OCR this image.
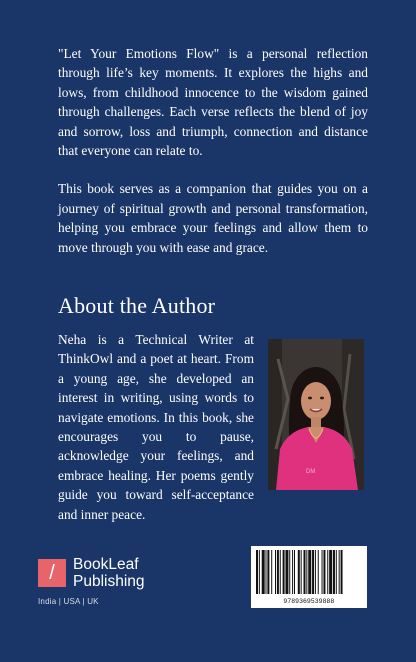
"Let Your Emotions Flow" is a personal reflection through life’s key moments. It explores the highs and lows, from childhood innocence to the wisdom gained through challenges. Each verse reflects the blend of joy and sorrow, loss and triumph, connection and distance that everyone can relate to.

This book serves as a companion that guides you on a journey of spiritual growth and personal transformation, helping you embrace your feelings and allow them to move through you with ease and grace.

About the Author

Neha is a Technical Writer at ThinkOwl and a poet at heart. From a young age, she developed an interest in writing, using words to navigate emotions. In this book, she encourages you to pause, acknowledge your feelings, and embrace healing. Her poems gently guide you toward self-acceptance and inner peace.

DM
/	BookLeaf
Publishing
India | USA | UK	9789369539888
